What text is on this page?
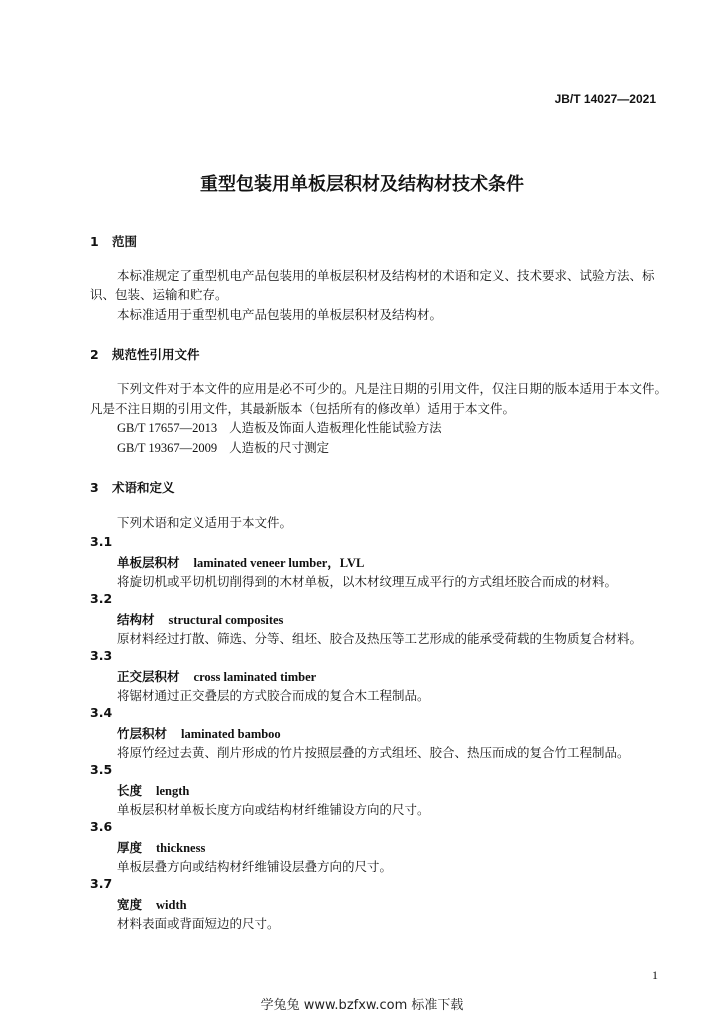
JB/T 14027—2021
重型包装用单板层积材及结构材技术条件
1 范围
本标准规定了重型机电产品包装用的单板层积材及结构材的术语和定义、技术要求、试验方法、标
识、包装、运输和贮存。
本标准适用于重型机电产品包装用的单板层积材及结构材。
2 规范性引用文件
下列文件对于本文件的应用是必不可少的。凡是注日期的引用文件，仅注日期的版本适用于本文件。
凡是不注日期的引用文件，其最新版本（包括所有的修改单）适用于本文件。
GB/T 17657—2013 人造板及饰面人造板理化性能试验方法
GB/T 19367—2009 人造板的尺寸测定
3 术语和定义
下列术语和定义适用于本文件。
3.1
单板层积材 laminated veneer lumber，LVL
将旋切机或平切机切削得到的木材单板，以木材纹理互成平行的方式组坯胶合而成的材料。
3.2
结构材 structural composites
原材料经过打散、筛选、分等、组坯、胶合及热压等工艺形成的能承受荷载的生物质复合材料。
3.3
正交层积材 cross laminated timber
将锯材通过正交叠层的方式胶合而成的复合木工程制品。
3.4
竹层积材 laminated bamboo
将原竹经过去黄、削片形成的竹片按照层叠的方式组坯、胶合、热压而成的复合竹工程制品。
3.5
长度 length
单板层积材单板长度方向或结构材纤维铺设方向的尺寸。
3.6
厚度 thickness
单板层叠方向或结构材纤维铺设层叠方向的尺寸。
3.7
宽度 width
材料表面或背面短边的尺寸。
1
学兔兔 www.bzfxw.com 标准下载
